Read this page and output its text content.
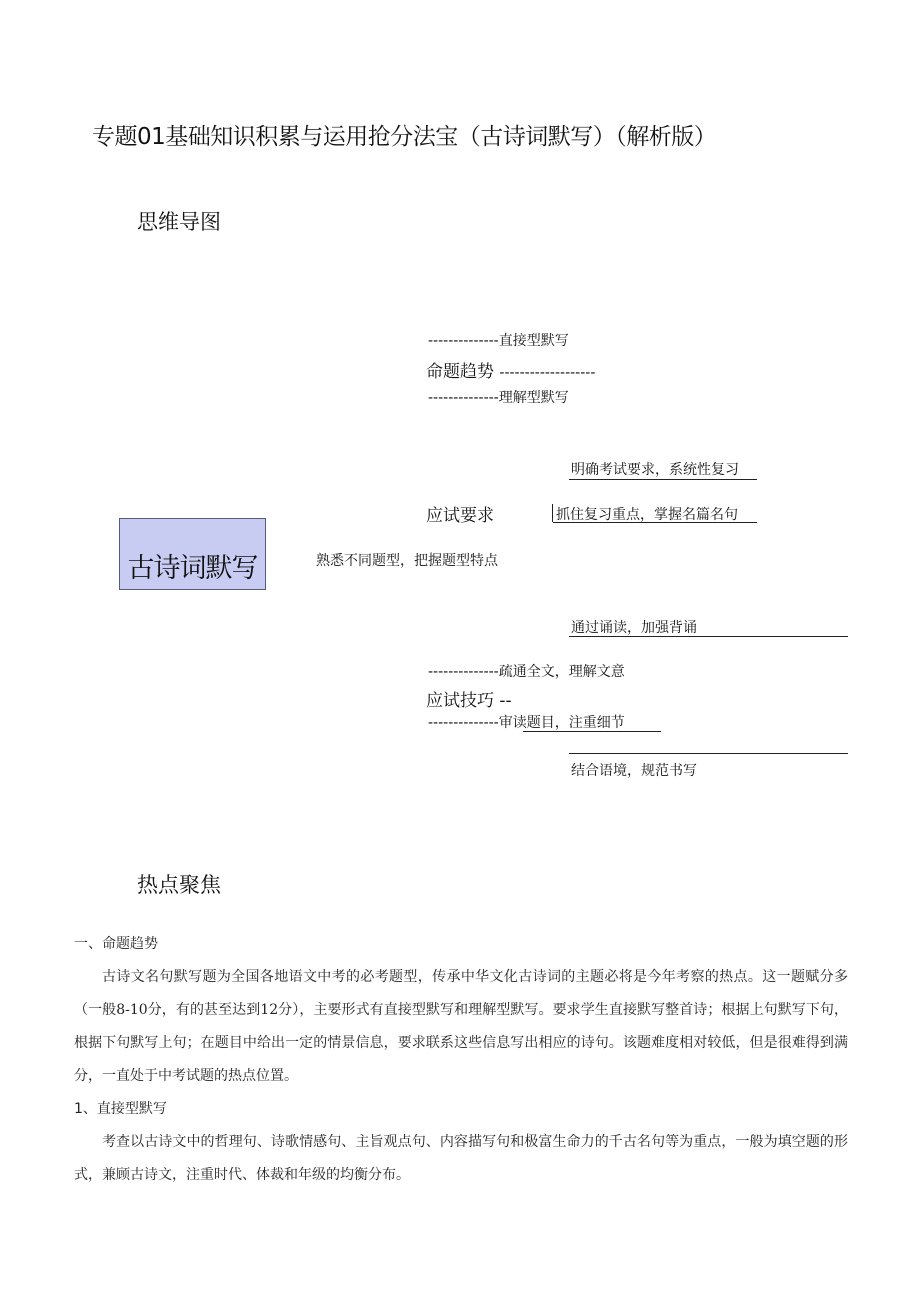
专题01基础知识积累与运用抢分法宝（古诗词默写）（解析版）
思维导图
--------------直接型默写
命题趋势 -------------------
--------------理解型默写
明确考试要求，系统性复习
应试要求	抓住复习重点，掌握名篇名句
古诗词默写	熟悉不同题型，把握题型特点
通过诵读，加强背诵
--------------疏通全文，理解文意
应试技巧 --
--------------审读题目，注重细节
结合语境，规范书写
热点聚焦

一、命题趋势

古诗文名句默写题为全国各地语文中考的必考题型，传承中华文化古诗词的主题必将是今年考察的热点。这一题赋分多（一般8-10分，有的甚至达到12分），主要形式有直接型默写和理解型默写。要求学生直接默写整首诗；根据上句默写下句，根据下句默写上句；在题目中给出一定的情景信息，要求联系这些信息写出相应的诗句。该题难度相对较低，但是很难得到满分，一直处于中考试题的热点位置。

1、直接型默写

考查以古诗文中的哲理句、诗歌情感句、主旨观点句、内容描写句和极富生命力的千古名句等为重点，一般为填空题的形式，兼顾古诗文，注重时代、体裁和年级的均衡分布。
